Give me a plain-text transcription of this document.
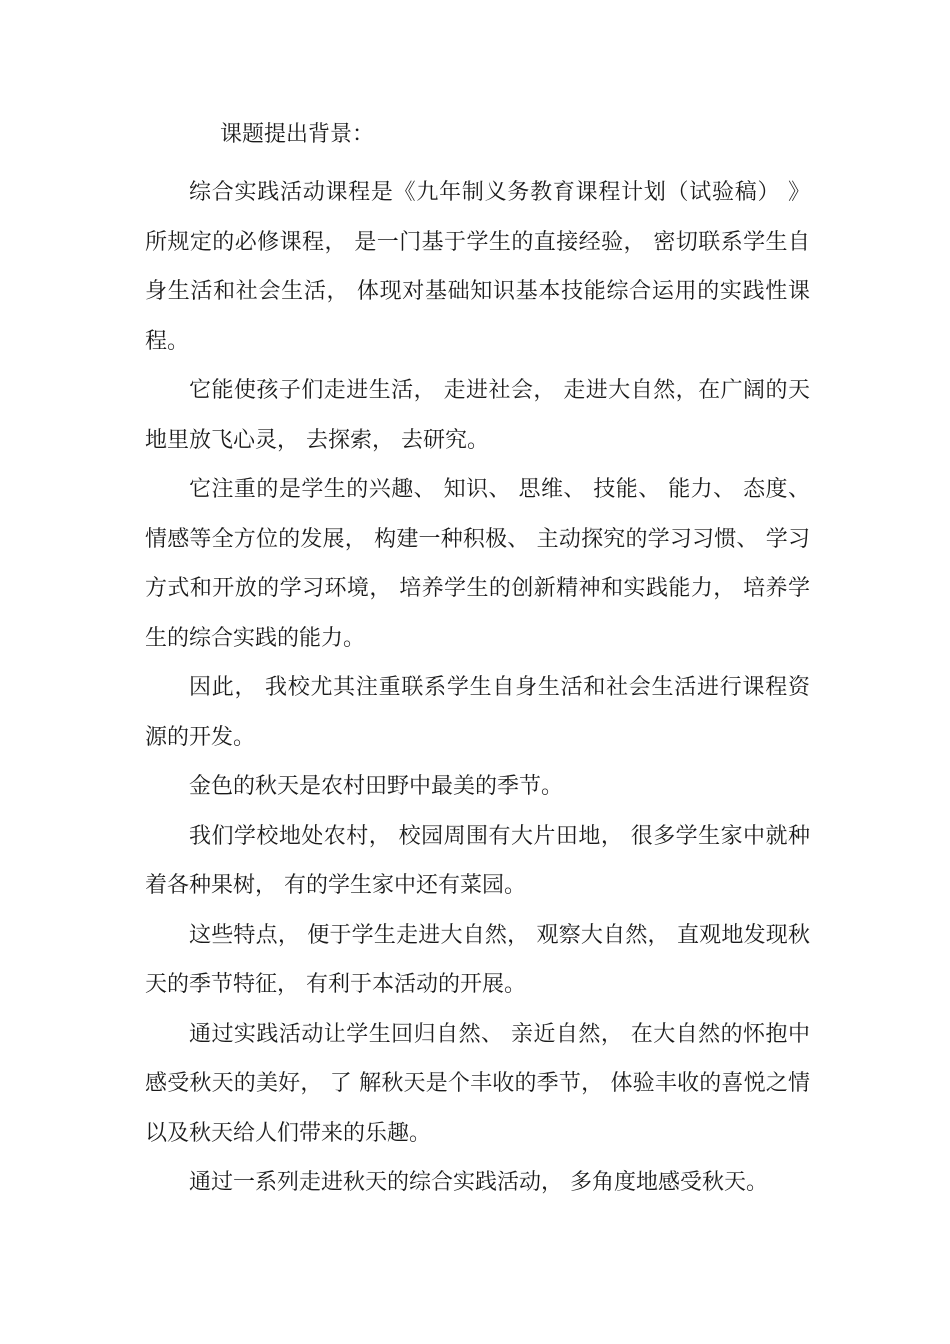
课题提出背景：

综合实践活动课程是《九年制义务教育课程计划（试验稿） 》所规定的必修课程， 是一门基于学生的直接经验， 密切联系学生自身生活和社会生活， 体现对基础知识基本技能综合运用的实践性课程。

它能使孩子们走进生活， 走进社会， 走进大自然，在广阔的天地里放飞心灵， 去探索， 去研究。

它注重的是学生的兴趣、 知识、 思维、 技能、 能力、 态度、情感等全方位的发展， 构建一种积极、 主动探究的学习习惯、 学习方式和开放的学习环境， 培养学生的创新精神和实践能力， 培养学生的综合实践的能力。

因此， 我校尤其注重联系学生自身生活和社会生活进行课程资源的开发。

金色的秋天是农村田野中最美的季节。

我们学校地处农村， 校园周围有大片田地， 很多学生家中就种着各种果树， 有的学生家中还有菜园。

这些特点， 便于学生走进大自然， 观察大自然， 直观地发现秋天的季节特征， 有利于本活动的开展。

通过实践活动让学生回归自然、 亲近自然， 在大自然的怀抱中感受秋天的美好， 了 解秋天是个丰收的季节， 体验丰收的喜悦之情以及秋天给人们带来的乐趣。

通过一系列走进秋天的综合实践活动， 多角度地感受秋天。
